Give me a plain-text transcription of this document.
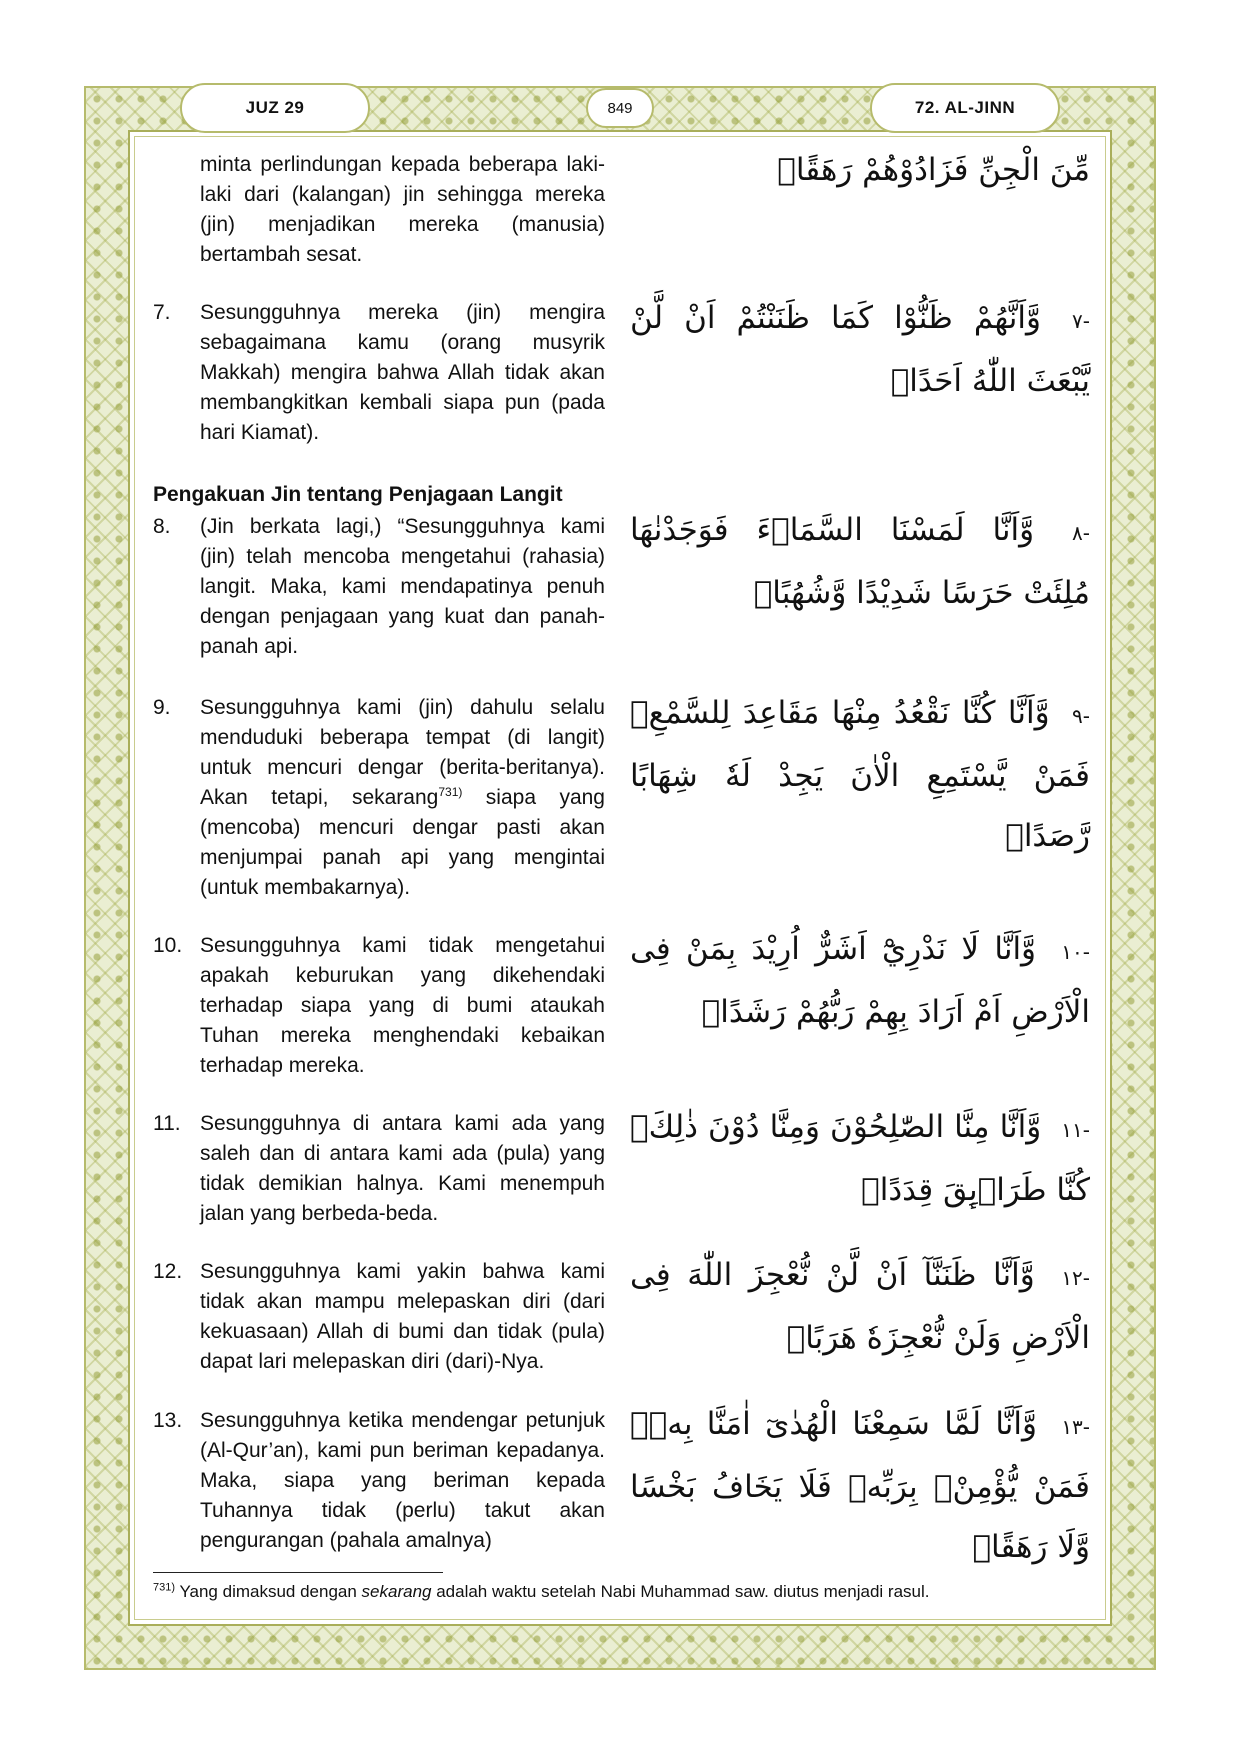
JUZ 29	849	72. AL-JINN
minta perlindungan kepada beberapa laki-laki dari (kalangan) jin sehingga mereka (jin) menjadikan mereka (manusia) bertambah sesat.
مِّنَ الْجِنِّ فَزَادُوْهُمْ رَهَقًاۖ
7.	Sesungguhnya mereka (jin) mengira sebagaimana kamu (orang musyrik Makkah) mengira bahwa Allah tidak akan membangkitkan kembali siapa pun (pada hari Kiamat).
-٧ وَّاَنَّهُمْ ظَنُّوْا كَمَا ظَنَنْتُمْ اَنْ لَّنْ يَّبْعَثَ اللّٰهُ اَحَدًاۖ
Pengakuan Jin tentang Penjagaan Langit
8.	(Jin berkata lagi,) “Sesungguhnya kami (jin) telah mencoba mengetahui (rahasia) langit. Maka, kami mendapatinya penuh dengan penjagaan yang kuat dan panah-panah api.
-٨ وَّاَنَّا لَمَسْنَا السَّمَاۤءَ فَوَجَدْنٰهَا مُلِئَتْ حَرَسًا شَدِيْدًا وَّشُهُبًاۖ
9.	Sesungguhnya kami (jin) dahulu selalu menduduki beberapa tempat (di langit) untuk mencuri dengar (berita-beritanya). Akan tetapi, sekarang$^{731)}$ siapa yang (mencoba) mencuri dengar pasti akan menjumpai panah api yang mengintai (untuk membakarnya).
-٩ وَّاَنَّا كُنَّا نَقْعُدُ مِنْهَا مَقَاعِدَ لِلسَّمْعِۗ فَمَنْ يَّسْتَمِعِ الْاٰنَ يَجِدْ لَهٗ شِهَابًا رَّصَدًاۖ
10. Sesungguhnya kami tidak mengetahui apakah keburukan yang dikehendaki terhadap siapa yang di bumi ataukah Tuhan mereka menghendaki kebaikan terhadap mereka.
-١٠ وَّاَنَّا لَا نَدْرِيْٓ اَشَرٌّ اُرِيْدَ بِمَنْ فِى الْاَرْضِ اَمْ اَرَادَ بِهِمْ رَبُّهُمْ رَشَدًاۙ
11. Sesungguhnya di antara kami ada yang saleh dan di antara kami ada (pula) yang tidak demikian halnya. Kami menempuh jalan yang berbeda-beda.
-١١ وَّاَنَّا مِنَّا الصّٰلِحُوْنَ وَمِنَّا دُوْنَ ذٰلِكَۗ كُنَّا طَرَاۤىِٕقَ قِدَدًاۙ
12. Sesungguhnya kami yakin bahwa kami tidak akan mampu melepaskan diri (dari kekuasaan) Allah di bumi dan tidak (pula) dapat lari melepaskan diri (dari)-Nya.
-١٢ وَّاَنَّا ظَنَنَّآ اَنْ لَّنْ نُّعْجِزَ اللّٰهَ فِى الْاَرْضِ وَلَنْ نُّعْجِزَهٗ هَرَبًاۖ
13. Sesungguhnya ketika mendengar petunjuk (Al-Qur’an), kami pun beriman kepadanya. Maka, siapa yang beriman kepada Tuhannya tidak (perlu) takut akan pengurangan (pahala amalnya)
-١٣ وَّاَنَّا لَمَّا سَمِعْنَا الْهُدٰىٓ اٰمَنَّا بِهٖۗ فَمَنْ يُّؤْمِنْۢ بِرَبِّهٖ فَلَا يَخَافُ بَخْسًا وَّلَا رَهَقًاۖ
$^{731)}$ Yang dimaksud dengan sekarang adalah waktu setelah Nabi Muhammad saw. diutus menjadi rasul.
